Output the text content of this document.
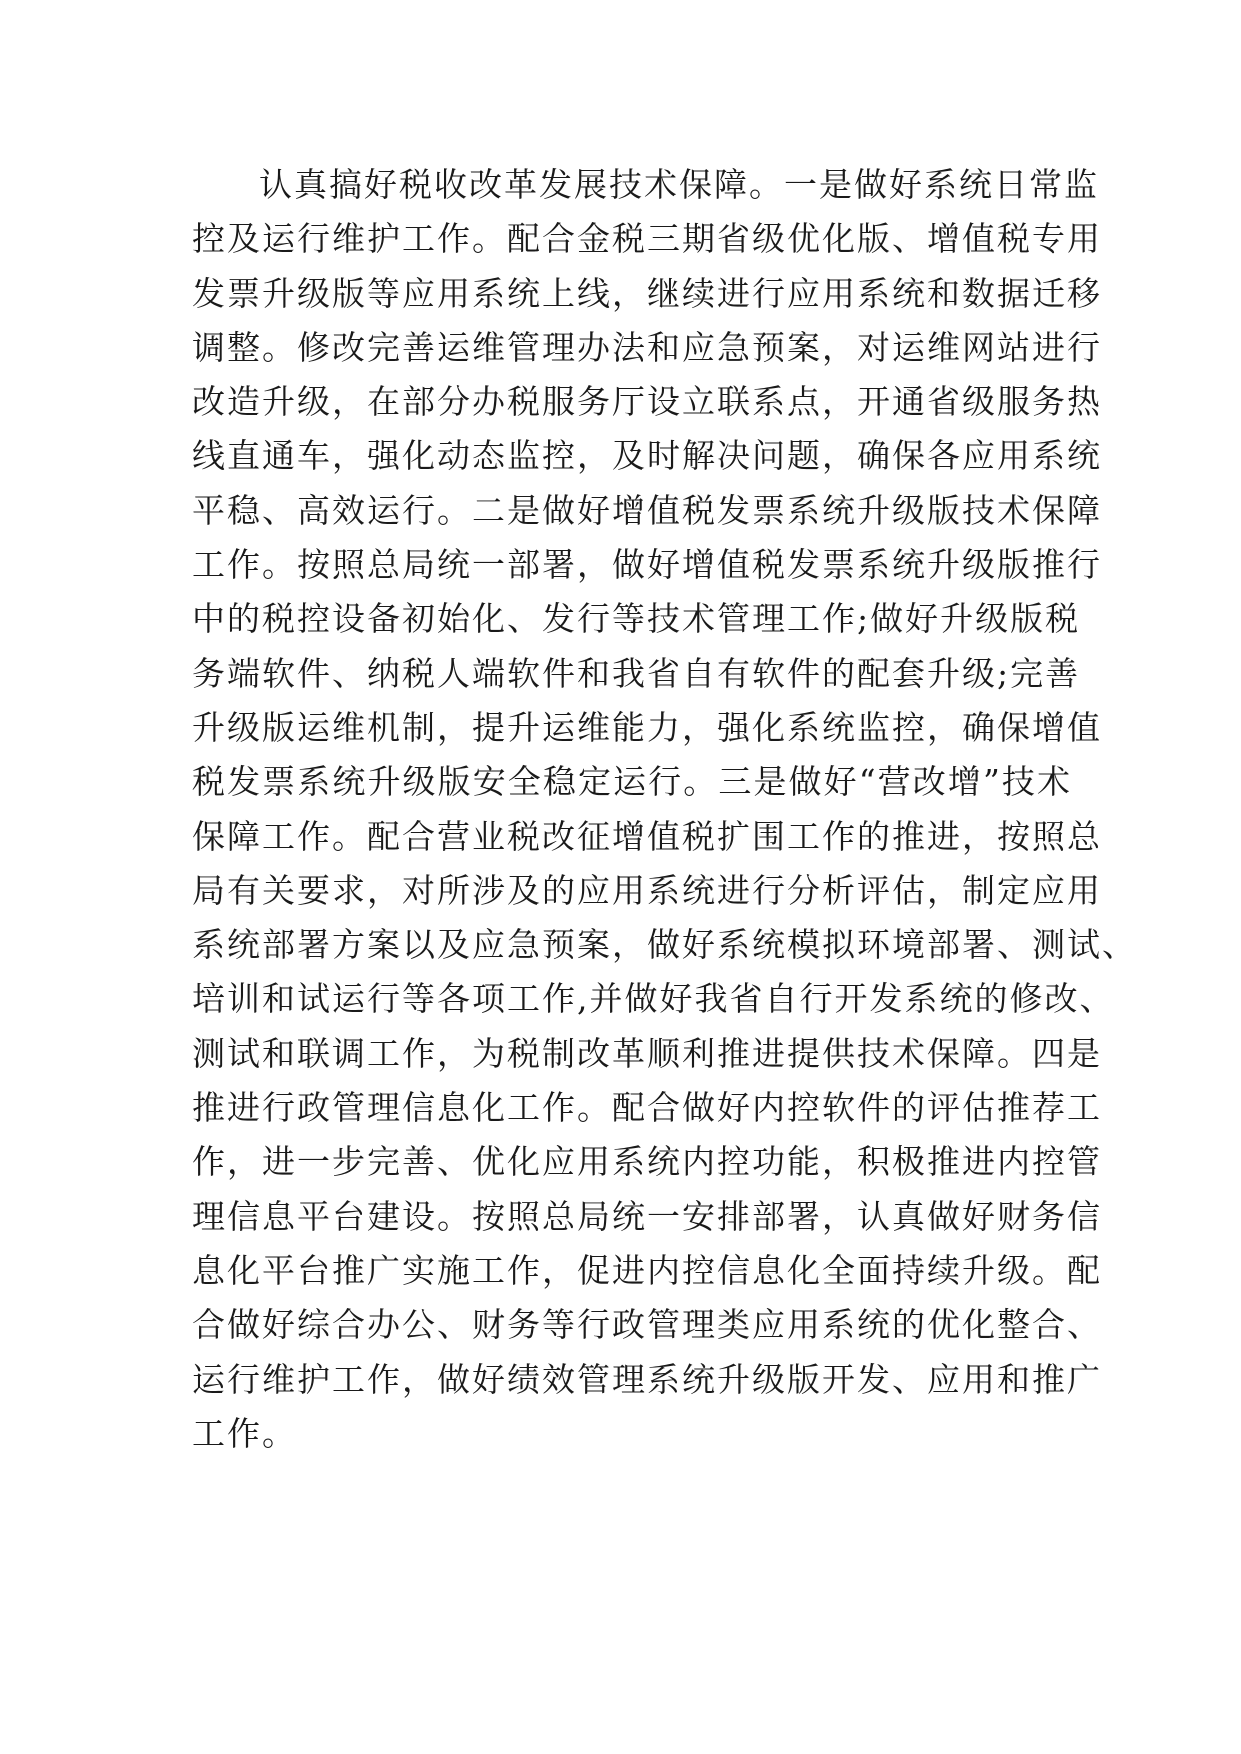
认真搞好税收改革发展技术保障。一是做好系统日常监
控及运行维护工作。配合金税三期省级优化版、增值税专用
发票升级版等应用系统上线，继续进行应用系统和数据迁移
调整。修改完善运维管理办法和应急预案，对运维网站进行
改造升级，在部分办税服务厅设立联系点，开通省级服务热
线直通车，强化动态监控，及时解决问题，确保各应用系统
平稳、高效运行。二是做好增值税发票系统升级版技术保障
工作。按照总局统一部署，做好增值税发票系统升级版推行
中的税控设备初始化、发行等技术管理工作;做好升级版税
务端软件、纳税人端软件和我省自有软件的配套升级;完善
升级版运维机制，提升运维能力，强化系统监控，确保增值
税发票系统升级版安全稳定运行。三是做好“营改增”技术
保障工作。配合营业税改征增值税扩围工作的推进，按照总
局有关要求，对所涉及的应用系统进行分析评估，制定应用
系统部署方案以及应急预案，做好系统模拟环境部署、测试、
培训和试运行等各项工作,并做好我省自行开发系统的修改、
测试和联调工作，为税制改革顺利推进提供技术保障。四是
推进行政管理信息化工作。配合做好内控软件的评估推荐工
作，进一步完善、优化应用系统内控功能，积极推进内控管
理信息平台建设。按照总局统一安排部署，认真做好财务信
息化平台推广实施工作，促进内控信息化全面持续升级。配
合做好综合办公、财务等行政管理类应用系统的优化整合、
运行维护工作，做好绩效管理系统升级版开发、应用和推广
工作。
